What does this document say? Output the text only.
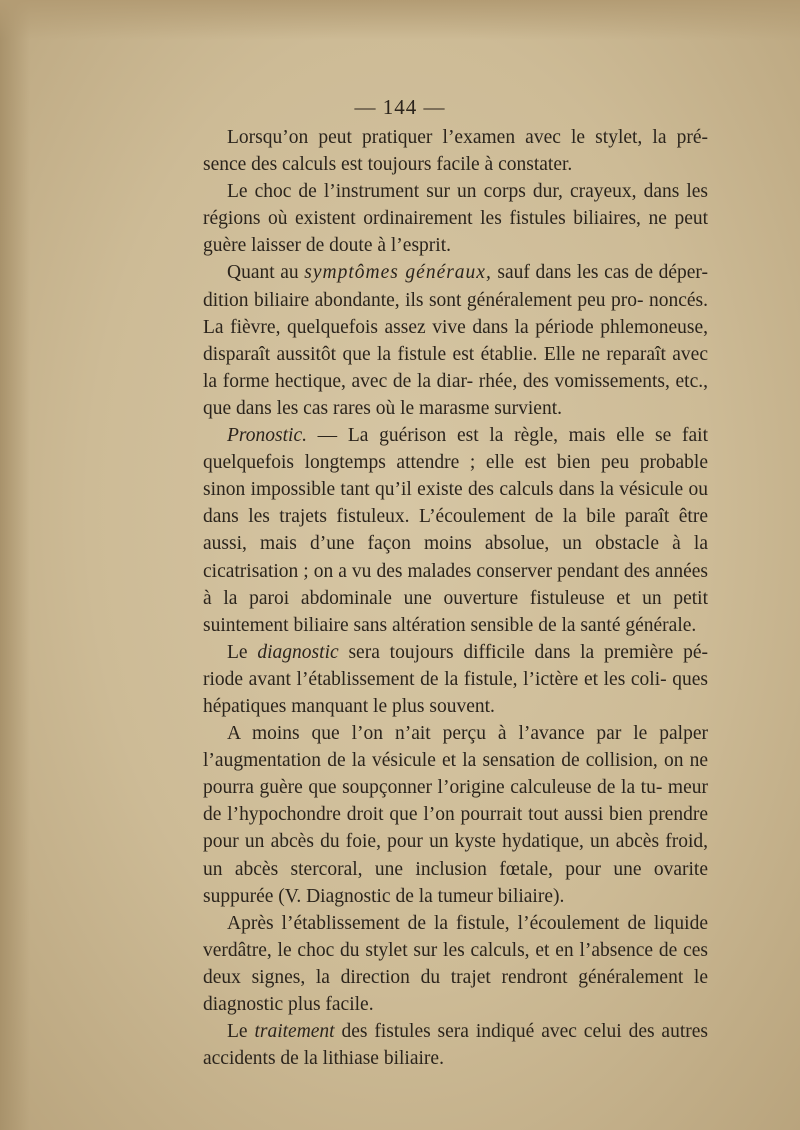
— 144 —

Lorsqu’on peut pratiquer l’examen avec le stylet, la pré- sence des calculs est toujours facile à constater.

Le choc de l’instrument sur un corps dur, crayeux, dans les régions où existent ordinairement les fistules biliaires, ne peut guère laisser de doute à l’esprit.

Quant au symptômes généraux, sauf dans les cas de déper- dition biliaire abondante, ils sont généralement peu pro- noncés. La fièvre, quelquefois assez vive dans la période phlemoneuse, disparaît aussitôt que la fistule est établie. Elle ne reparaît avec la forme hectique, avec de la diar- rhée, des vomissements, etc., que dans les cas rares où le marasme survient.

Pronostic. — La guérison est la règle, mais elle se fait quelquefois longtemps attendre ; elle est bien peu probable sinon impossible tant qu’il existe des calculs dans la vésicule ou dans les trajets fistuleux. L’écoulement de la bile paraît être aussi, mais d’une façon moins absolue, un obstacle à la cicatrisation ; on a vu des malades conserver pendant des années à la paroi abdominale une ouverture fistuleuse et un petit suintement biliaire sans altération sensible de la santé générale.

Le diagnostic sera toujours difficile dans la première pé- riode avant l’établissement de la fistule, l’ictère et les coli- ques hépatiques manquant le plus souvent.

A moins que l’on n’ait perçu à l’avance par le palper l’augmentation de la vésicule et la sensation de collision, on ne pourra guère que soupçonner l’origine calculeuse de la tu- meur de l’hypochondre droit que l’on pourrait tout aussi bien prendre pour un abcès du foie, pour un kyste hydatique, un abcès froid, un abcès stercoral, une inclusion fœtale, pour une ovarite suppurée (V. Diagnostic de la tumeur biliaire).

Après l’établissement de la fistule, l’écoulement de liquide verdâtre, le choc du stylet sur les calculs, et en l’absence de ces deux signes, la direction du trajet rendront généralement le diagnostic plus facile.

Le traitement des fistules sera indiqué avec celui des autres accidents de la lithiase biliaire.
